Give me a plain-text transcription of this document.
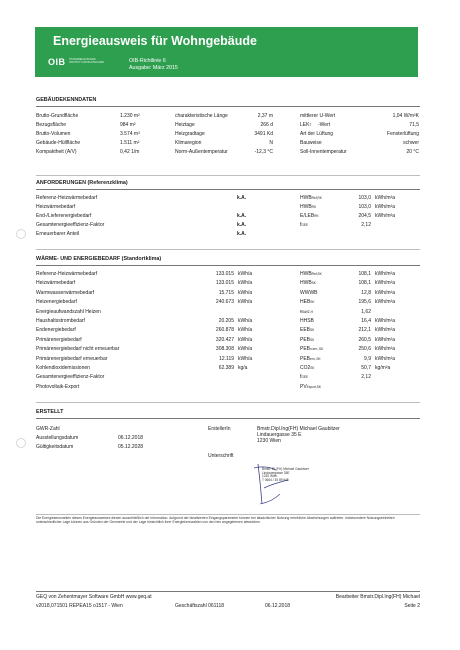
Energieausweis für Wohngebäude
OIB ÖSTERREICHISCHES
INSTITUT FÜR BAUTECHNIK	OIB-Richtlinie 6
Ausgabe: März 2015
GEBÄUDEKENNDATEN
Brutto-Grundfläche	1.230 m²	charakteristische Länge	2,37 m	mittlerer U-Wert	1,04 W/m²K
Bezugsfläche	984 m²	Heiztage	266 d	LEKT -Wert	71,5
Brutto-Volumen	3.574 m³	Heizgradtage	3491 Kd	Art der Lüftung	Fensterlüftung
Gebäude-Hüllfläche	1.511 m²	Klimaregion	N	Bauweise	schwer
Kompaktheit (A/V)	0,42 1/m	Norm-Außentemperatur	-12,3 °C	Soll-Innentemperatur	20 °C
ANFORDERUNGEN (Referenzklima)
Referenz-Heizwärmebedarf	k.A.	HWBRef,RK	103,0 kWh/m²a
Heizwärmebedarf	HWBRK	103,0 kWh/m²a
End-/Lieferenergiebedarf	k.A.	E/LEBRK	204,5 kWh/m²a
Gesamtenergieeffizienz-Faktor	k.A.	fGEE	2,12
Erneuerbarer Anteil	k.A.
WÄRME- UND ENERGIEBEDARF (Standortklima)
Referenz-Heizwärmebedarf	133.015 kWh/a	HWBRef,SK	108,1 kWh/m²a
Heizwärmebedarf	133.015 kWh/a	HWBSK	108,1 kWh/m²a
Warmwasserwärmebedarf	15.715 kWh/a	WWWB	12,8 kWh/m²a
Heizenergiebedarf	240.673 kWh/a	HEBSK	195,6 kWh/m²a
Energieaufwandszahl Heizen	eAWZ,H	1,62
Haushaltsstrombedarf	20.205 kWh/a	HHSB	16,4 kWh/m²a
Endenergiebedarf	260.878 kWh/a	EEBSK	212,1 kWh/m²a
Primärenergiebedarf	320.427 kWh/a	PEBSK	260,5 kWh/m²a
Primärenergiebedarf nicht erneuerbar	308.308 kWh/a	PEBn.ern.,SK	250,6 kWh/m²a
Primärenergiebedarf erneuerbar	12.119 kWh/a	PEBern.,SK	9,9 kWh/m²a
Kohlendioxidemissionen	62.389 kg/a	CO2SK	50,7 kg/m²a
Gesamtenergieeffizienz-Faktor	fGEE	2,12
Photovoltaik-Export	PVExport,SK
ERSTELLT
GWR-Zahl
Ausstellungsdatum	06.12.2018
Gültigkeitsdatum	05.12.2028
ErstellerIn	Bmstr.Dipl.Ing(FH) Michael Gaubitzer
Lindauergasse 35 E
1230 Wien
Unterschrift
Bmstr. DI (FH) Michael Gaubitzer
Lindauergasse 35E
1230 Wien
T 0664 / 35 89 645
Die Energiekennzahlen dieses Energieausweises dienen ausschließlich der Information. Aufgrund der idealisierten Eingangsparameter können bei tatsächlicher Nutzung erhebliche Abweichungen auftreten. Insbesondere Nutzungseinheiten unterschiedlicher Lage können aus Gründen der Geometrie und der Lage hinsichtlich ihrer Energiekennzahlen von den hier angegebenen abweichen.
GEQ von Zehentmayer Software GmbH www.geq.at
v2018,071501 REPEA15 o1517 - Wien	Geschäftszahl 061118	06.12.2018
Bearbeiter Bmstr.Dipl.Ing(FH) Michael
Seite 2
